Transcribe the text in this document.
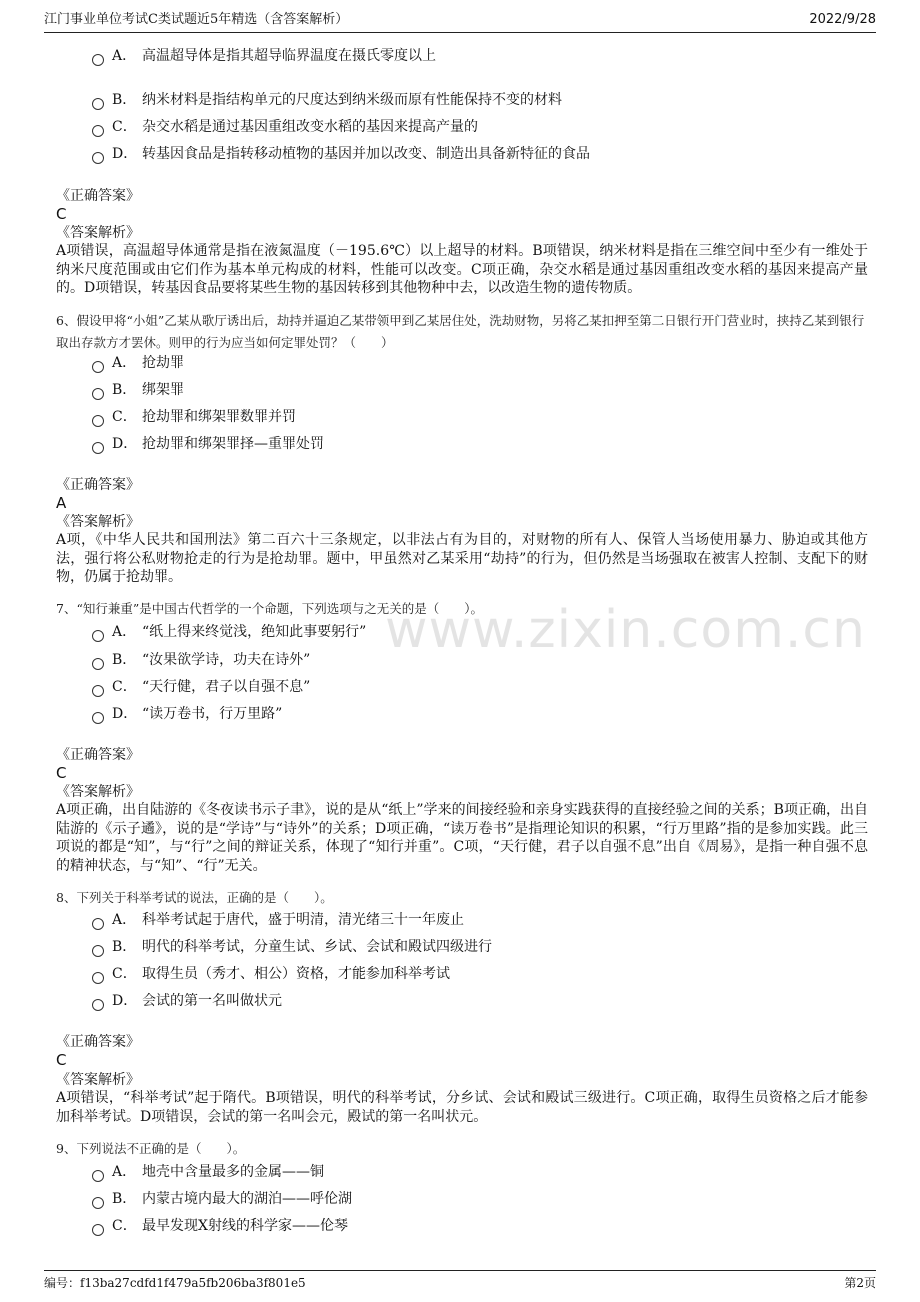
江门事业单位考试C类试题近5年精选（含答案解析）	2022/9/28
www.zixin.com.cn
A． 高温超导体是指其超导临界温度在摄氏零度以上
B． 纳米材料是指结构单元的尺度达到纳米级而原有性能保持不变的材料
C． 杂交水稻是通过基因重组改变水稻的基因来提高产量的
D． 转基因食品是指转移动植物的基因并加以改变、制造出具备新特征的食品
《正确答案》
C
《答案解析》
A项错误，高温超导体通常是指在液氮温度（－195.6℃）以上超导的材料。B项错误，纳米材料是指在三维空间中至少有一维处于纳米尺度范围或由它们作为基本单元构成的材料，性能可以改变。C项正确，杂交水稻是通过基因重组改变水稻的基因来提高产量的。D项错误，转基因食品要将某些生物的基因转移到其他物种中去，以改造生物的遗传物质。
6、假设甲将“小姐”乙某从歌厅诱出后，劫持并逼迫乙某带领甲到乙某居住处，洗劫财物，另将乙某扣押至第二日银行开门营业时，挟持乙某到银行取出存款方才罢休。则甲的行为应当如何定罪处罚？（　　）
A． 抢劫罪
B． 绑架罪
C． 抢劫罪和绑架罪数罪并罚
D． 抢劫罪和绑架罪择—重罪处罚
《正确答案》
A
《答案解析》
A项，《中华人民共和国刑法》第二百六十三条规定，以非法占有为目的，对财物的所有人、保管人当场使用暴力、胁迫或其他方法，强行将公私财物抢走的行为是抢劫罪。题中，甲虽然对乙某采用“劫持”的行为，但仍然是当场强取在被害人控制、支配下的财物，仍属于抢劫罪。
7、“知行兼重”是中国古代哲学的一个命题，下列选项与之无关的是（　　）。
A． “纸上得来终觉浅，绝知此事要躬行”
B． “汝果欲学诗，功夫在诗外”
C． “天行健，君子以自强不息”
D． “读万卷书，行万里路”
《正确答案》
C
《答案解析》
A项正确，出自陆游的《冬夜读书示子聿》，说的是从“纸上”学来的间接经验和亲身实践获得的直接经验之间的关系；B项正确，出自陆游的《示子遹》，说的是“学诗”与“诗外”的关系；D项正确，“读万卷书”是指理论知识的积累，“行万里路”指的是参加实践。此三项说的都是“知”，与“行”之间的辩证关系，体现了“知行并重”。C项，“天行健，君子以自强不息”出自《周易》，是指一种自强不息的精神状态，与“知”、“行”无关。
8、下列关于科举考试的说法，正确的是（　　）。
A． 科举考试起于唐代，盛于明清，清光绪三十一年废止
B． 明代的科举考试，分童生试、乡试、会试和殿试四级进行
C． 取得生员（秀才、相公）资格，才能参加科举考试
D． 会试的第一名叫做状元
《正确答案》
C
《答案解析》
A项错误，“科举考试”起于隋代。B项错误，明代的科举考试，分乡试、会试和殿试三级进行。C项正确，取得生员资格之后才能参加科举考试。D项错误，会试的第一名叫会元，殿试的第一名叫状元。
9、下列说法不正确的是（　　）。
A． 地壳中含量最多的金属——铜
B． 内蒙古境内最大的湖泊——呼伦湖
C． 最早发现X射线的科学家——伦琴
编号：f13ba27cdfd1f479a5fb206ba3f801e5	第2页
